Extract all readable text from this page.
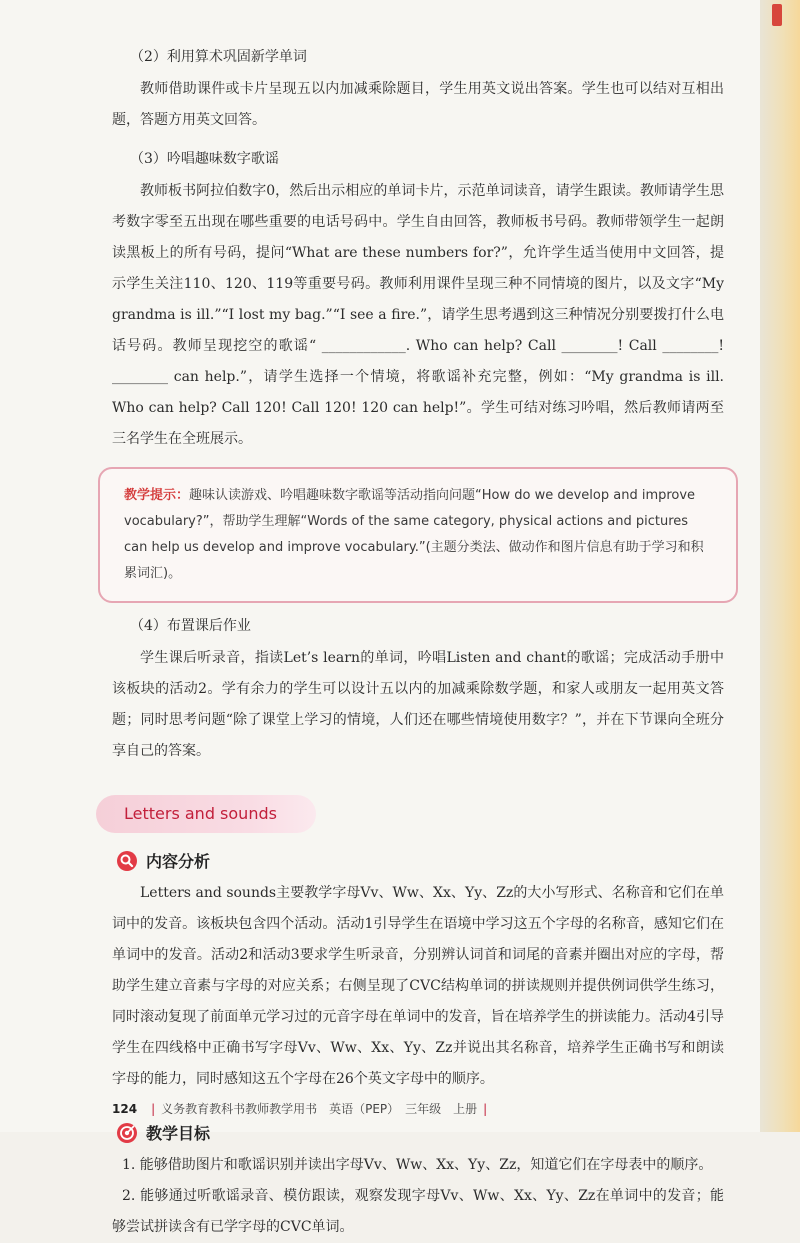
（2）利用算术巩固新学单词

教师借助课件或卡片呈现五以内加减乘除题目，学生用英文说出答案。学生也可以结对互相出题，答题方用英文回答。

（3）吟唱趣味数字歌谣

教师板书阿拉伯数字0，然后出示相应的单词卡片，示范单词读音，请学生跟读。教师请学生思考数字零至五出现在哪些重要的电话号码中。学生自由回答，教师板书号码。教师带领学生一起朗读黑板上的所有号码，提问“What are these numbers for?”，允许学生适当使用中文回答，提示学生关注110、120、119等重要号码。教师利用课件呈现三种不同情境的图片，以及文字“My grandma is ill.”“I lost my bag.”“I see a fire.”，请学生思考遇到这三种情况分别要拨打什么电话号码。教师呈现挖空的歌谣“ ____________. Who can help? Call ________! Call ________! ________ can help.”，请学生选择一个情境，将歌谣补充完整，例如：“My grandma is ill. Who can help? Call 120! Call 120! 120 can help!”。学生可结对练习吟唱，然后教师请两至三名学生在全班展示。

教学提示：趣味认读游戏、吟唱趣味数字歌谣等活动指向问题“How do we develop and improve vocabulary?”，帮助学生理解“Words of the same category, physical actions and pictures can help us develop and improve vocabulary.”(主题分类法、做动作和图片信息有助于学习和积累词汇)。
（4）布置课后作业

学生课后听录音，指读Let’s learn的单词，吟唱Listen and chant的歌谣；完成活动手册中该板块的活动2。学有余力的学生可以设计五以内的加减乘除数学题，和家人或朋友一起用英文答题；同时思考问题“除了课堂上学习的情境，人们还在哪些情境使用数字？”，并在下节课向全班分享自己的答案。

Letters and sounds
内容分析

Letters and sounds主要教学字母Vv、Ww、Xx、Yy、Zz的大小写形式、名称音和它们在单词中的发音。该板块包含四个活动。活动1引导学生在语境中学习这五个字母的名称音，感知它们在单词中的发音。活动2和活动3要求学生听录音，分别辨认词首和词尾的音素并圈出对应的字母，帮助学生建立音素与字母的对应关系；右侧呈现了CVC结构单词的拼读规则并提供例词供学生练习，同时滚动复现了前面单元学习过的元音字母在单词中的发音，旨在培养学生的拼读能力。活动4引导学生在四线格中正确书写字母Vv、Ww、Xx、Yy、Zz并说出其名称音，培养学生正确书写和朗读字母的能力，同时感知这五个字母在26个英文字母中的顺序。

教学目标

1. 能够借助图片和歌谣识别并读出字母Vv、Ww、Xx、Yy、Zz，知道它们在字母表中的顺序。

2. 能够通过听歌谣录音、模仿跟读，观察发现字母Vv、Ww、Xx、Yy、Zz在单词中的发音；能够尝试拼读含有已学字母的CVC单词。

124 | 义务教育教科书教师教学用书　英语（PEP）　三年级　上册 |
